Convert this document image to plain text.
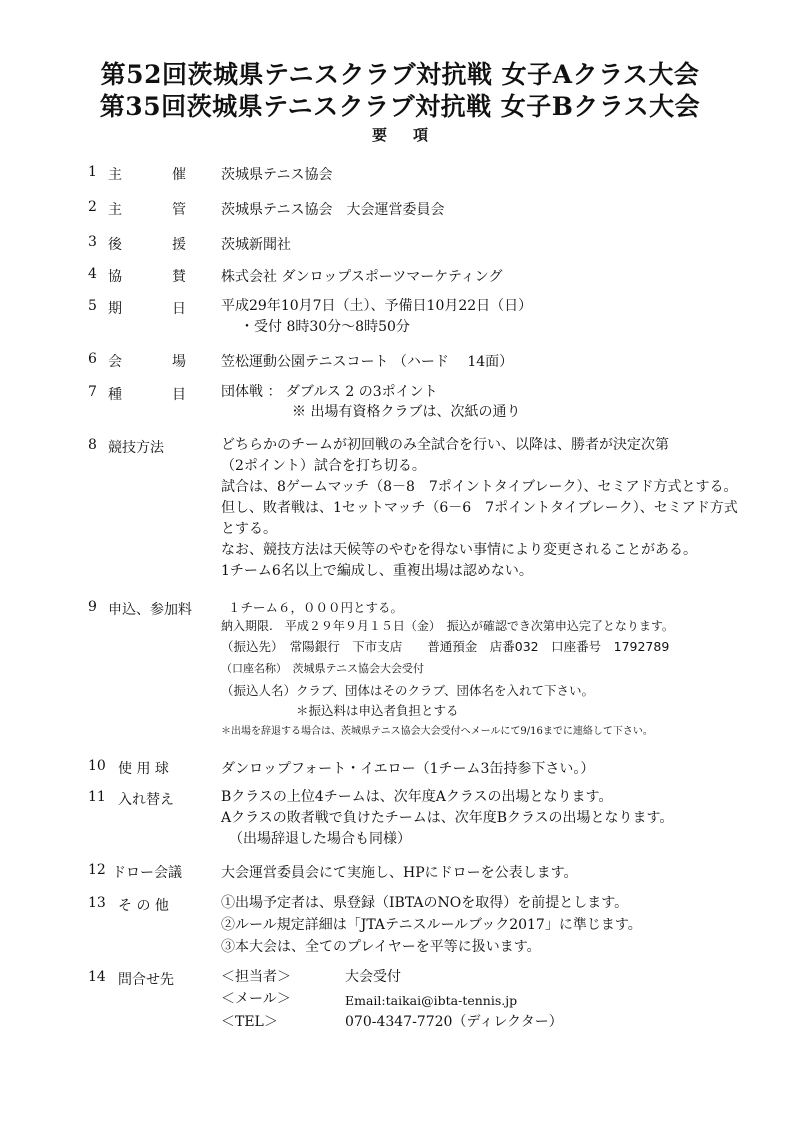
第52回茨城県テニスクラブ対抗戦 女子Aクラス大会
第35回茨城県テニスクラブ対抗戦 女子Bクラス大会
要項
1 主　催 茨城県テニス協会
2 主　管 茨城県テニス協会　大会運営委員会
3 後　援 茨城新聞社
4 協　賛 株式会社 ダンロップスポーツマーケティング
5 期　日 平成29年10月7日（土）、予備日10月22日（日）
・受付 8時30分～8時50分
6 会　場 笠松運動公園テニスコート （ハード　 14面）
7 種　目 団体戦 ： ダブルス 2 の3ポイント
※ 出場有資格クラブは、次紙の通り
8 競技方法	どちらかのチームが初回戦のみ全試合を行い、以降は、勝者が決定次第
（2ポイント）試合を打ち切る。
試合は、8ゲームマッチ（8－8　7ポイントタイブレーク）、セミアド方式とする。
但し、敗者戦は、1セットマッチ（6－6　7ポイントタイブレーク）、セミアド方式
とする。
なお、競技方法は天候等のやむを得ない事情により変更されることがある。
1チーム6名以上で編成し、重複出場は認めない。
9 申込、参加料	１チーム６，０００円とする。
納入期限.　平成２９年９月１５日（金）　振込が確認でき次第申込完了となります。
（振込先）　常陽銀行　下市支店　　普通預金　店番032　口座番号　1792789
（口座名称）　茨城県テニス協会大会受付
（振込人名）クラブ、団体はそのクラブ、団体名を入れて下さい。
＊振込料は申込者負担とする
＊出場を辞退する場合は、茨城県テニス協会大会受付へメールにて9/16までに連絡して下さい。
10 使 用 球	ダンロップフォート・イエロー（1チーム3缶持参下さい。）
11 入れ替え	Bクラスの上位4チームは、次年度Aクラスの出場となります。
Aクラスの敗者戦で負けたチームは、次年度Bクラスの出場となります。
（出場辞退した場合も同様）
12 ドロー会議	大会運営委員会にて実施し、HPにドローを公表します。
13 そ の 他	①出場予定者は、県登録（IBTAのNOを取得）を前提とします。
②ルール規定詳細は「JTAテニスルールブック2017」に準じます。
③本大会は、全てのプレイヤーを平等に扱います。
14 問合せ先	＜担当者＞	大会受付
＜メール＞	Email:taikai@ibta-tennis.jp
＜TEL＞	070-4347-7720（ディレクター）
